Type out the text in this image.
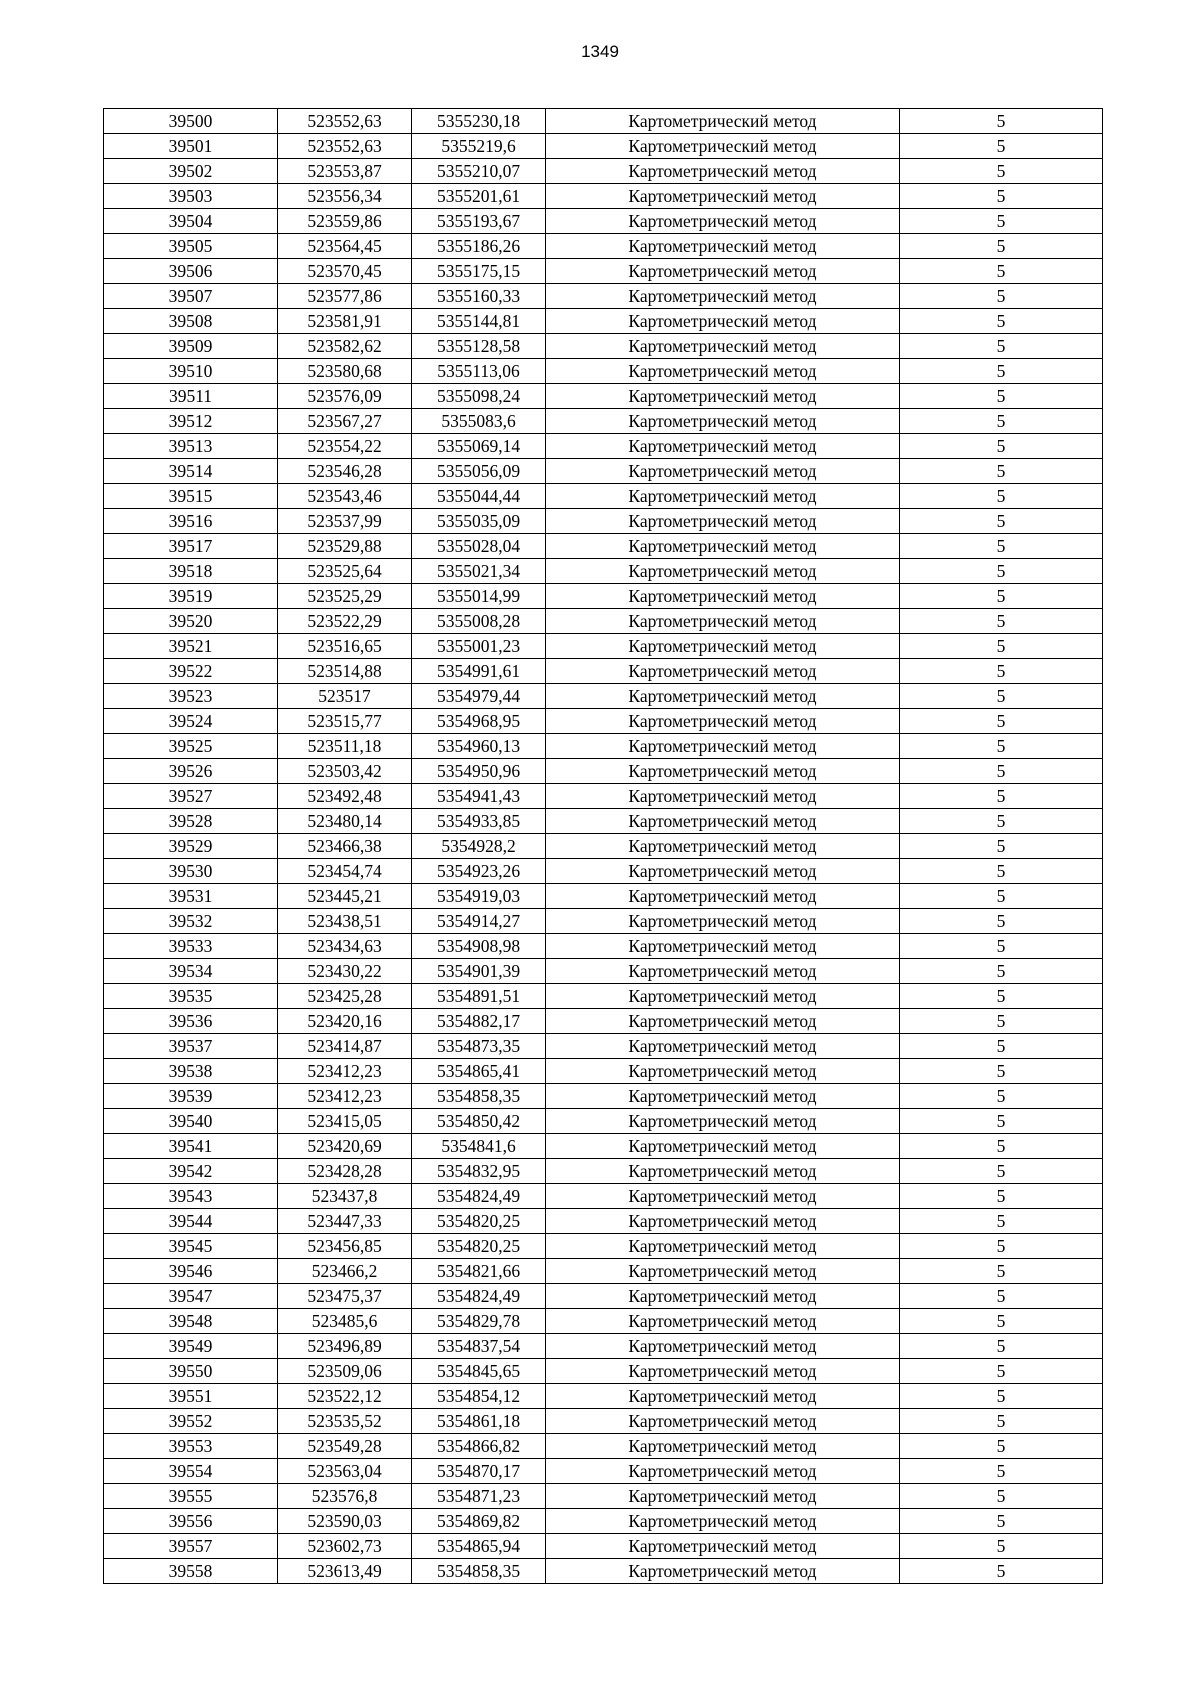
1349
39500	523552,63	5355230,18	Картометрический метод	5
39501	523552,63	5355219,6	Картометрический метод	5
39502	523553,87	5355210,07	Картометрический метод	5
39503	523556,34	5355201,61	Картометрический метод	5
39504	523559,86	5355193,67	Картометрический метод	5
39505	523564,45	5355186,26	Картометрический метод	5
39506	523570,45	5355175,15	Картометрический метод	5
39507	523577,86	5355160,33	Картометрический метод	5
39508	523581,91	5355144,81	Картометрический метод	5
39509	523582,62	5355128,58	Картометрический метод	5
39510	523580,68	5355113,06	Картометрический метод	5
39511	523576,09	5355098,24	Картометрический метод	5
39512	523567,27	5355083,6	Картометрический метод	5
39513	523554,22	5355069,14	Картометрический метод	5
39514	523546,28	5355056,09	Картометрический метод	5
39515	523543,46	5355044,44	Картометрический метод	5
39516	523537,99	5355035,09	Картометрический метод	5
39517	523529,88	5355028,04	Картометрический метод	5
39518	523525,64	5355021,34	Картометрический метод	5
39519	523525,29	5355014,99	Картометрический метод	5
39520	523522,29	5355008,28	Картометрический метод	5
39521	523516,65	5355001,23	Картометрический метод	5
39522	523514,88	5354991,61	Картометрический метод	5
39523	523517	5354979,44	Картометрический метод	5
39524	523515,77	5354968,95	Картометрический метод	5
39525	523511,18	5354960,13	Картометрический метод	5
39526	523503,42	5354950,96	Картометрический метод	5
39527	523492,48	5354941,43	Картометрический метод	5
39528	523480,14	5354933,85	Картометрический метод	5
39529	523466,38	5354928,2	Картометрический метод	5
39530	523454,74	5354923,26	Картометрический метод	5
39531	523445,21	5354919,03	Картометрический метод	5
39532	523438,51	5354914,27	Картометрический метод	5
39533	523434,63	5354908,98	Картометрический метод	5
39534	523430,22	5354901,39	Картометрический метод	5
39535	523425,28	5354891,51	Картометрический метод	5
39536	523420,16	5354882,17	Картометрический метод	5
39537	523414,87	5354873,35	Картометрический метод	5
39538	523412,23	5354865,41	Картометрический метод	5
39539	523412,23	5354858,35	Картометрический метод	5
39540	523415,05	5354850,42	Картометрический метод	5
39541	523420,69	5354841,6	Картометрический метод	5
39542	523428,28	5354832,95	Картометрический метод	5
39543	523437,8	5354824,49	Картометрический метод	5
39544	523447,33	5354820,25	Картометрический метод	5
39545	523456,85	5354820,25	Картометрический метод	5
39546	523466,2	5354821,66	Картометрический метод	5
39547	523475,37	5354824,49	Картометрический метод	5
39548	523485,6	5354829,78	Картометрический метод	5
39549	523496,89	5354837,54	Картометрический метод	5
39550	523509,06	5354845,65	Картометрический метод	5
39551	523522,12	5354854,12	Картометрический метод	5
39552	523535,52	5354861,18	Картометрический метод	5
39553	523549,28	5354866,82	Картометрический метод	5
39554	523563,04	5354870,17	Картометрический метод	5
39555	523576,8	5354871,23	Картометрический метод	5
39556	523590,03	5354869,82	Картометрический метод	5
39557	523602,73	5354865,94	Картометрический метод	5
39558	523613,49	5354858,35	Картометрический метод	5
